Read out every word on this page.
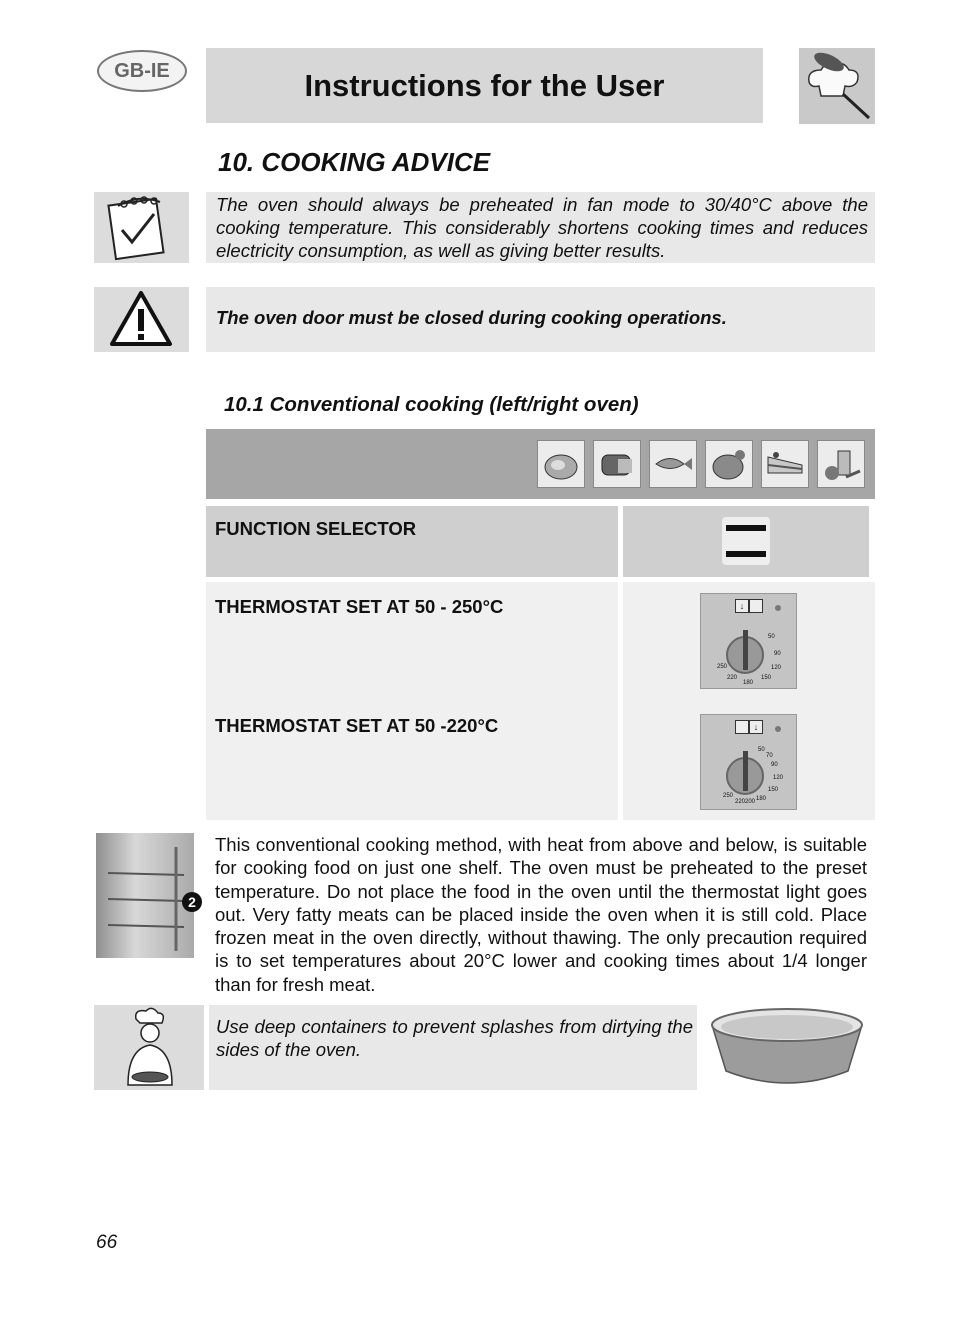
GB-IE	Instructions for the User
10. COOKING ADVICE
The oven should always be preheated in fan mode to 30/40°C above the cooking temperature. This considerably shortens cooking times and reduces electricity consumption, as well as giving better results.
The oven door must be closed during cooking operations.
10.1 Conventional cooking (left/right oven)
FUNCTION SELECTOR
THERMOSTAT SET AT 50 - 250°C
THERMOSTAT SET AT 50 -220°C
↓
50
90
120
150
180
220
250
↓
50
70
90
120
150
180
200
220
250
2
This conventional cooking method, with heat from above and below, is suitable for cooking food on just one shelf. The oven must be preheated to the preset temperature. Do not place the food in the oven until the thermostat light goes out. Very fatty meats can be placed inside the oven when it is still cold. Place frozen meat in the oven directly, without thawing. The only precaution required is to set temperatures about 20°C lower and cooking times about 1/4 longer than for fresh meat.
Use deep containers to prevent splashes from dirtying the sides of the oven.
66
